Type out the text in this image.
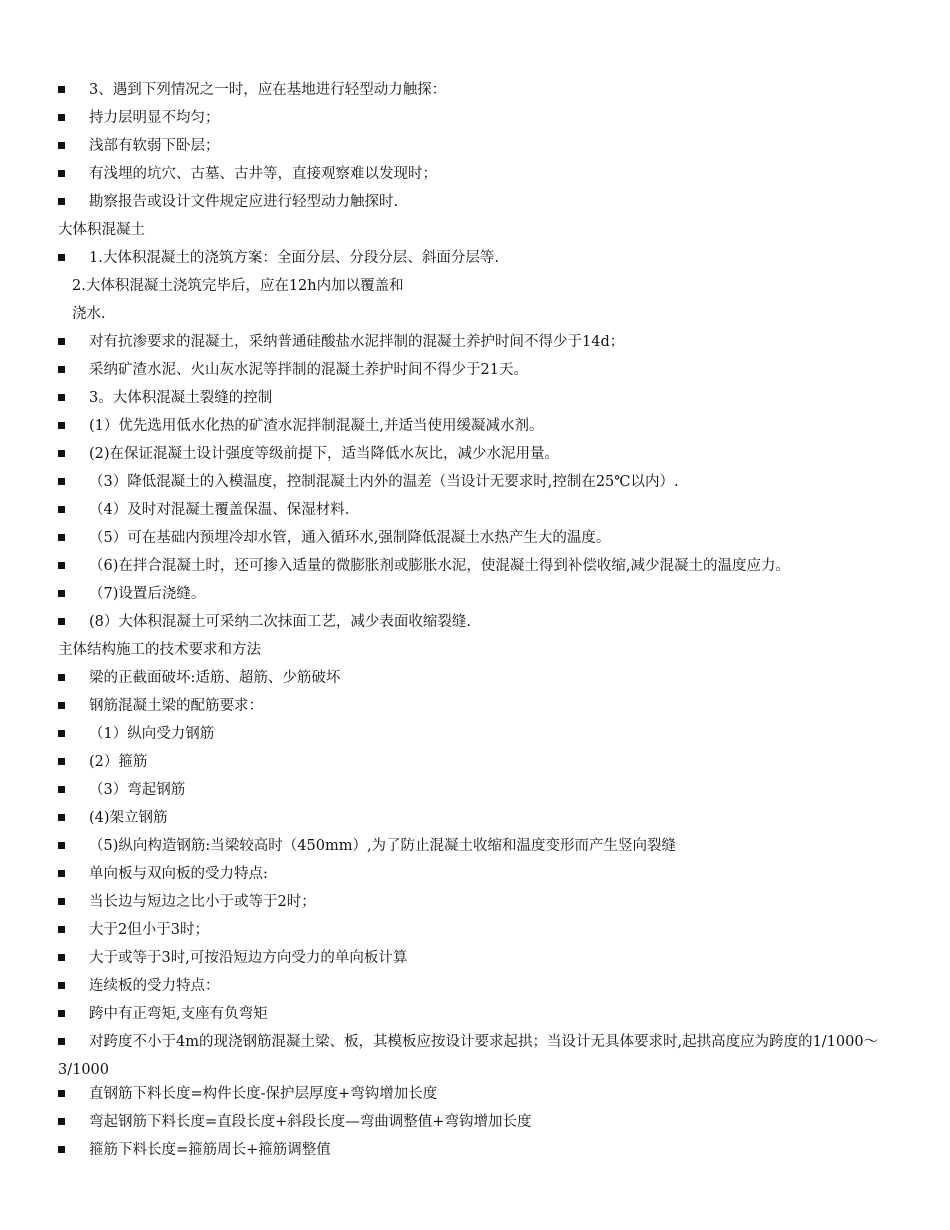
3、遇到下列情况之一时，应在基地进行轻型动力触探：
持力层明显不均匀；
浅部有软弱下卧层；
有浅埋的坑穴、古墓、古井等，直接观察难以发现时；
勘察报告或设计文件规定应进行轻型动力触探时.
大体积混凝土
1.大体积混凝土的浇筑方案：全面分层、分段分层、斜面分层等.
2.大体积混凝土浇筑完毕后，应在12h内加以覆盖和
浇水.
对有抗渗要求的混凝土，采纳普通硅酸盐水泥拌制的混凝土养护时间不得少于14d；
采纳矿渣水泥、火山灰水泥等拌制的混凝土养护时间不得少于21天。
3。大体积混凝土裂缝的控制
(1）优先选用低水化热的矿渣水泥拌制混凝土,并适当使用缓凝减水剂。
(2)在保证混凝土设计强度等级前提下，适当降低水灰比，减少水泥用量。
（3）降低混凝土的入模温度，控制混凝土内外的温差（当设计无要求时,控制在25℃以内）.
（4）及时对混凝土覆盖保温、保湿材料.
（5）可在基础内预埋冷却水管，通入循环水,强制降低混凝土水热产生大的温度。
（6)在拌合混凝土时，还可掺入适量的微膨胀剂或膨胀水泥，使混凝土得到补偿收缩,减少混凝土的温度应力。
（7)设置后浇缝。
(8）大体积混凝土可采纳二次抹面工艺，减少表面收缩裂缝.
主体结构施工的技术要求和方法
梁的正截面破坏:适筋、超筋、少筋破坏
钢筋混凝土梁的配筋要求：
（1）纵向受力钢筋
(2）箍筋
（3）弯起钢筋
(4)架立钢筋
（5)纵向构造钢筋:当梁较高时（450mm）,为了防止混凝土收缩和温度变形而产生竖向裂缝
单向板与双向板的受力特点:
当长边与短边之比小于或等于2时；
大于2但小于3时；
大于或等于3时,可按沿短边方向受力的单向板计算
连续板的受力特点：
跨中有正弯矩,支座有负弯矩
对跨度不小于4m的现浇钢筋混凝土梁、板，其模板应按设计要求起拱；当设计无具体要求时,起拱高度应为跨度的1/1000～3/1000
直钢筋下料长度=构件长度-保护层厚度+弯钩增加长度
弯起钢筋下料长度=直段长度+斜段长度—弯曲调整值+弯钩增加长度
箍筋下料长度=箍筋周长+箍筋调整值
